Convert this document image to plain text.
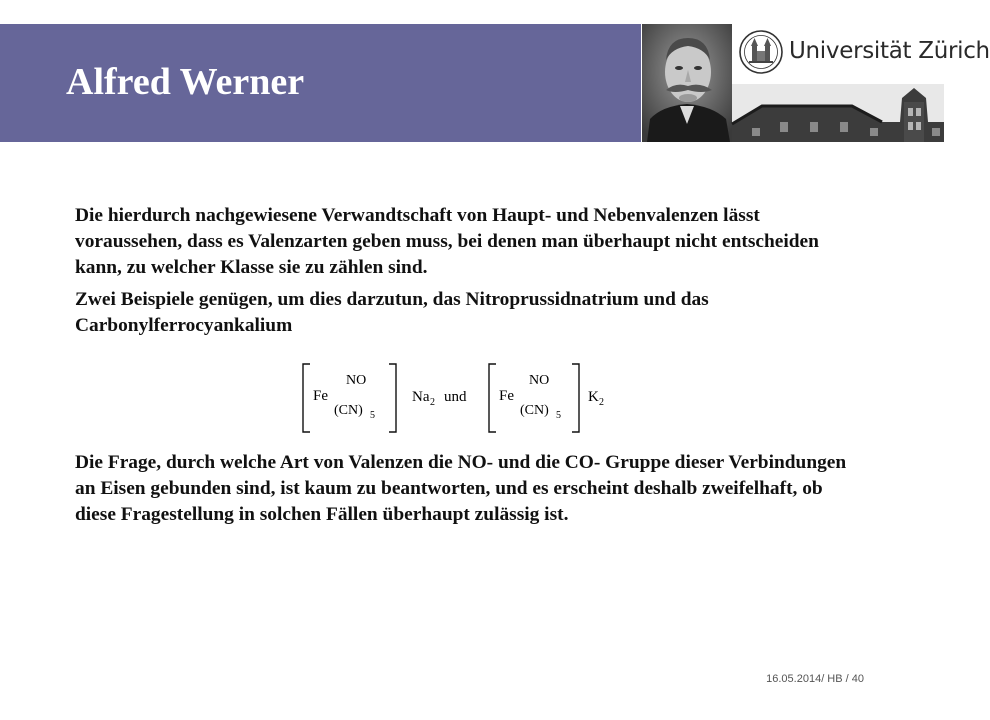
Alfred Werner
Universität Zürich

Die hierdurch nachgewiesene Verwandtschaft von Haupt- und Nebenvalenzen lässt voraussehen, dass es Valenzarten geben muss, bei denen man überhaupt nicht entscheiden kann, zu welcher Klasse sie zu zählen sind.

Zwei Beispiele genügen, um dies darzutun, das Nitroprussidnatrium und das Carbonylferrocyankalium

Fe
NO
(CN) 5
Na 2 und Fe
NO
(CN) 5
K 2

Die Frage, durch welche Art von Valenzen die NO- und die CO- Gruppe dieser Verbindungen an Eisen gebunden sind, ist kaum zu beantworten, und es erscheint deshalb zweifelhaft, ob diese Fragestellung in solchen Fällen überhaupt zulässig ist.

16.05.2014/ HB / 40
